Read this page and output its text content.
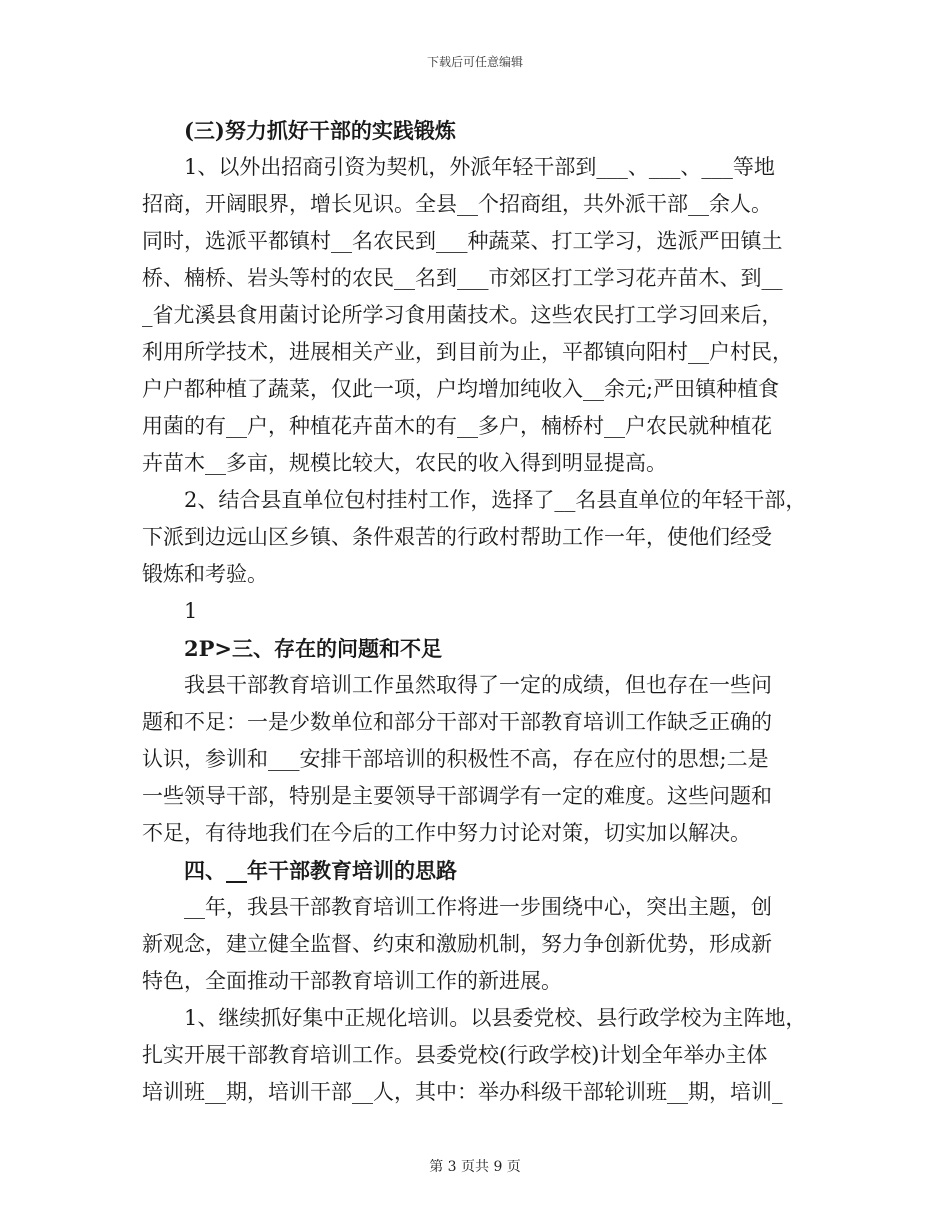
下载后可任意编辑
(三)努力抓好干部的实践锻炼
1、以外出招商引资为契机，外派年轻干部到___、___、___等地
招商，开阔眼界，增长见识。全县__个招商组，共外派干部__余人。
同时，选派平都镇村__名农民到___种蔬菜、打工学习，选派严田镇土
桥、楠桥、岩头等村的农民__名到___市郊区打工学习花卉苗木、到__
_省尤溪县食用菌讨论所学习食用菌技术。这些农民打工学习回来后，
利用所学技术，进展相关产业，到目前为止，平都镇向阳村__户村民，
户户都种植了蔬菜，仅此一项，户均增加纯收入__余元;严田镇种植食
用菌的有__户，种植花卉苗木的有__多户，楠桥村__户农民就种植花
卉苗木__多亩，规模比较大，农民的收入得到明显提高。
2、结合县直单位包村挂村工作，选择了__名县直单位的年轻干部，
下派到边远山区乡镇、条件艰苦的行政村帮助工作一年，使他们经受
锻炼和考验。
1
2P>三、存在的问题和不足
我县干部教育培训工作虽然取得了一定的成绩，但也存在一些问
题和不足：一是少数单位和部分干部对干部教育培训工作缺乏正确的
认识，参训和___安排干部培训的积极性不高，存在应付的思想;二是
一些领导干部，特别是主要领导干部调学有一定的难度。这些问题和
不足，有待地我们在今后的工作中努力讨论对策，切实加以解决。
四、__年干部教育培训的思路
__年，我县干部教育培训工作将进一步围绕中心，突出主题，创
新观念，建立健全监督、约束和激励机制，努力争创新优势，形成新
特色，全面推动干部教育培训工作的新进展。
1、继续抓好集中正规化培训。以县委党校、县行政学校为主阵地，
扎实开展干部教育培训工作。县委党校(行政学校)计划全年举办主体
培训班__期，培训干部__人，其中：举办科级干部轮训班__期，培训_
第 3 页共 9 页
